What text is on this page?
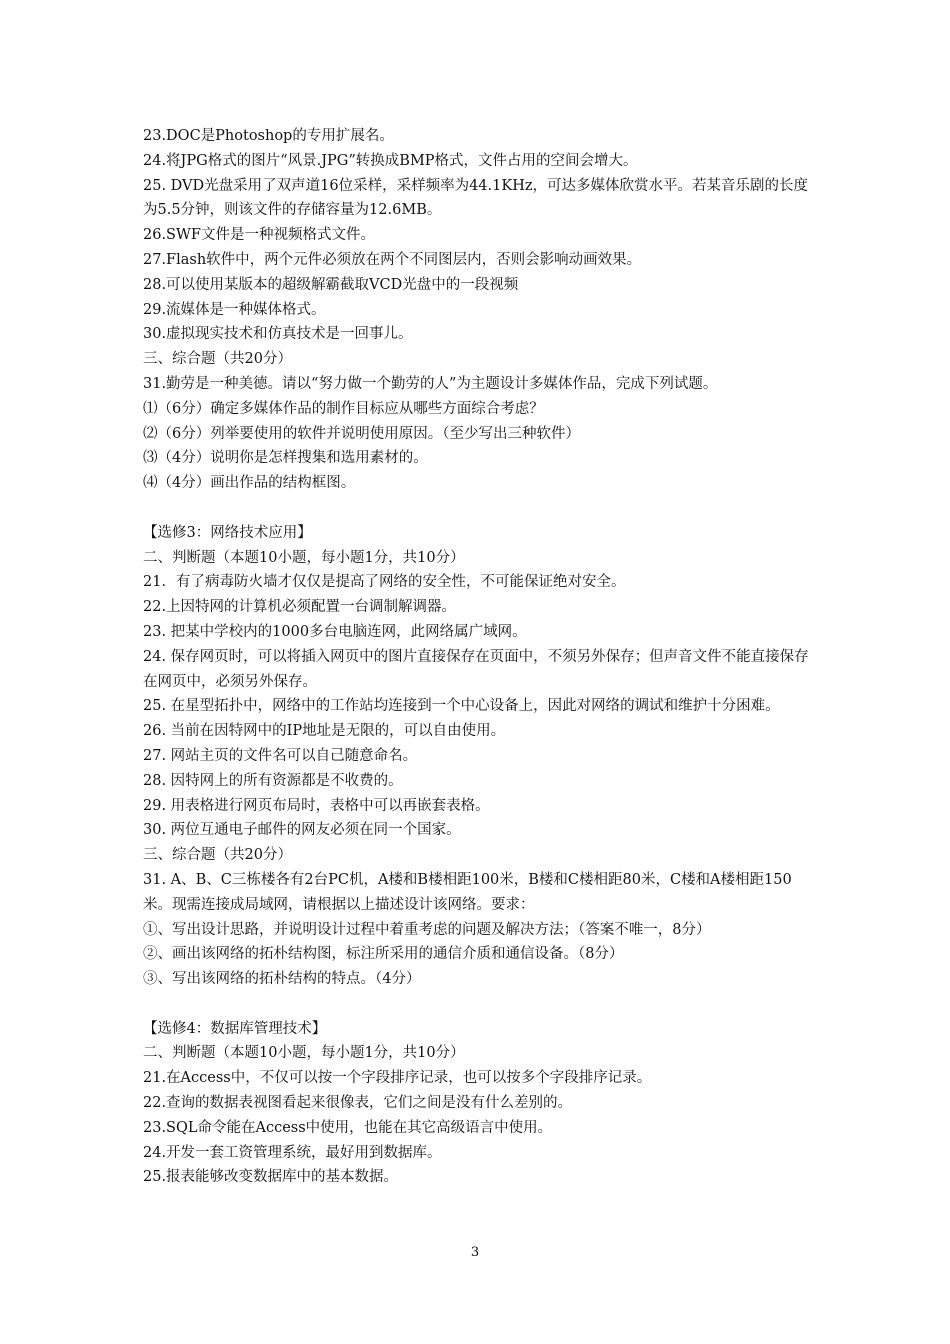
23.DOC是Photoshop的专用扩展名。
24.将JPG格式的图片“风景.JPG”转换成BMP格式，文件占用的空间会增大。
25. DVD光盘采用了双声道16位采样，采样频率为44.1KHz，可达多媒体欣赏水平。若某音乐剧的长度为5.5分钟，则该文件的存储容量为12.6MB。
26.SWF文件是一种视频格式文件。
27.Flash软件中，两个元件必须放在两个不同图层内，否则会影响动画效果。
28.可以使用某版本的超级解霸截取VCD光盘中的一段视频
29.流媒体是一种媒体格式。
30.虚拟现实技术和仿真技术是一回事儿。
三、综合题（共20分）
31.勤劳是一种美德。请以“努力做一个勤劳的人”为主题设计多媒体作品，完成下列试题。
⑴（6分）确定多媒体作品的制作目标应从哪些方面综合考虑？
⑵（6分）列举要使用的软件并说明使用原因。（至少写出三种软件）
⑶（4分）说明你是怎样搜集和选用素材的。
⑷（4分）画出作品的结构框图。
【选修3：网络技术应用】
二、判断题（本题10小题，每小题1分，共10分）
21．有了病毒防火墙才仅仅是提高了网络的安全性，不可能保证绝对安全。
22.上因特网的计算机必须配置一台调制解调器。
23. 把某中学校内的1000多台电脑连网，此网络属广域网。
24. 保存网页时，可以将插入网页中的图片直接保存在页面中，不须另外保存；但声音文件不能直接保存在网页中，必须另外保存。
25. 在星型拓扑中，网络中的工作站均连接到一个中心设备上，因此对网络的调试和维护十分困难。
26. 当前在因特网中的IP地址是无限的，可以自由使用。
27. 网站主页的文件名可以自己随意命名。
28. 因特网上的所有资源都是不收费的。
29. 用表格进行网页布局时，表格中可以再嵌套表格。
30. 两位互通电子邮件的网友必须在同一个国家。
三、综合题（共20分）
31. A、B、C三栋楼各有2台PC机，A楼和B楼相距100米，B楼和C楼相距80米，C楼和A楼相距150米。现需连接成局域网，请根据以上描述设计该网络。要求：
①、写出设计思路，并说明设计过程中着重考虑的问题及解决方法；（答案不唯一，8分）
②、画出该网络的拓朴结构图，标注所采用的通信介质和通信设备。（8分）
③、写出该网络的拓朴结构的特点。（4分）
【选修4：数据库管理技术】
二、判断题（本题10小题，每小题1分，共10分）
21.在Access中，不仅可以按一个字段排序记录，也可以按多个字段排序记录。
22.查询的数据表视图看起来很像表，它们之间是没有什么差别的。
23.SQL命令能在Access中使用，也能在其它高级语言中使用。
24.开发一套工资管理系统，最好用到数据库。
25.报表能够改变数据库中的基本数据。
3
